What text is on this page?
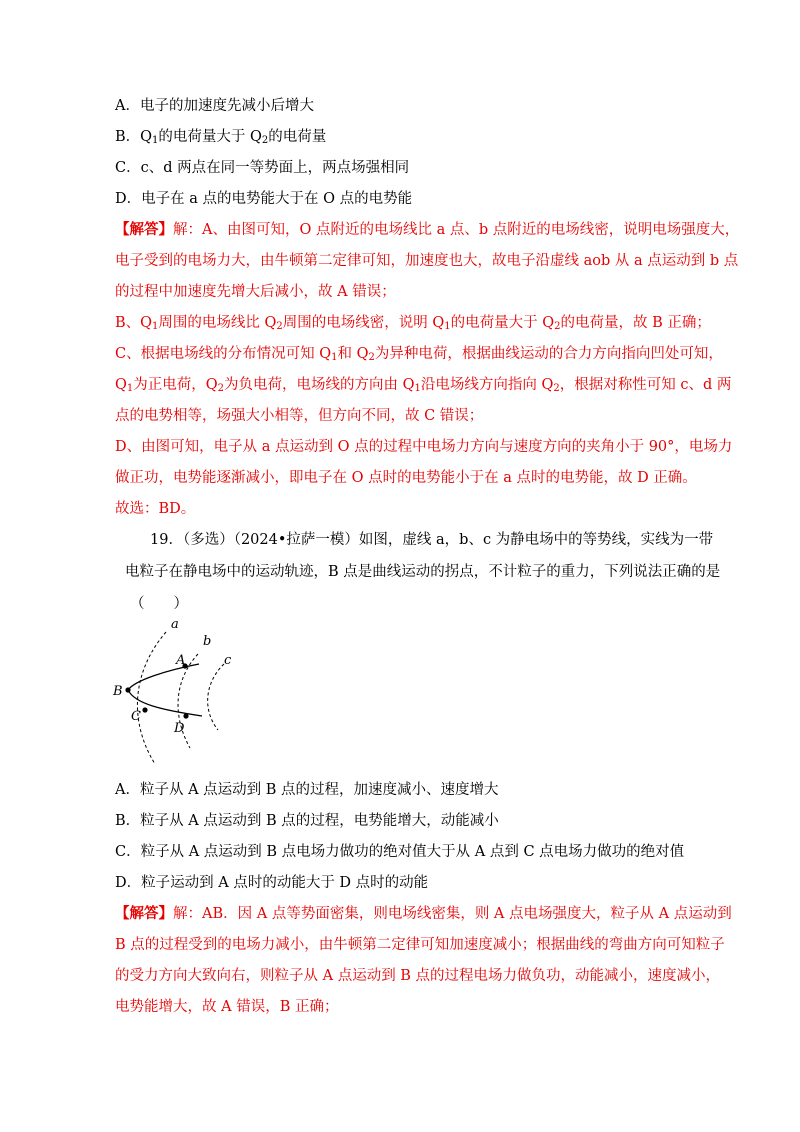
A．电子的加速度先减小后增大
B．$Q_1$的电荷量大于 $Q_2$的电荷量
C．c、d 两点在同一等势面上，两点场强相同
D．电子在 a 点的电势能大于在 O 点的电势能
【解答】解：A、由图可知，O 点附近的电场线比 a 点、b 点附近的电场线密，说明电场强度大，
电子受到的电场力大，由牛顿第二定律可知，加速度也大，故电子沿虚线 aob 从 a 点运动到 b 点
的过程中加速度先增大后减小，故 A 错误；
B、$Q_1$周围的电场线比 $Q_2$周围的电场线密，说明 $Q_1$的电荷量大于 $Q_2$的电荷量，故 B 正确；
C、根据电场线的分布情况可知 $Q_1$和 $Q_2$为异种电荷，根据曲线运动的合力方向指向凹处可知，
$Q_1$为正电荷，$Q_2$为负电荷，电场线的方向由 $Q_1$沿电场线方向指向 $Q_2$，根据对称性可知 c、d 两
点的电势相等，场强大小相等，但方向不同，故 C 错误；
D、由图可知，电子从 a 点运动到 O 点的过程中电场力方向与速度方向的夹角小于 90°，电场力
做正功，电势能逐渐减小，即电子在 O 点时的电势能小于在 a 点时的电势能，故 D 正确。
故选：BD。
19．（多选）（2024•拉萨一模）如图，虚线 a，b、c 为静电场中的等势线，实线为一带
电粒子在静电场中的运动轨迹，B 点是曲线运动的拐点，不计粒子的重力，下列说法正确的是
（　　）
a
b
c
A
B
C
D
A．粒子从 A 点运动到 B 点的过程，加速度减小、速度增大
B．粒子从 A 点运动到 B 点的过程，电势能增大，动能减小
C．粒子从 A 点运动到 B 点电场力做功的绝对值大于从 A 点到 C 点电场力做功的绝对值
D．粒子运动到 A 点时的动能大于 D 点时的动能
【解答】解：AB．因 A 点等势面密集，则电场线密集，则 A 点电场强度大，粒子从 A 点运动到
B 点的过程受到的电场力减小，由牛顿第二定律可知加速度减小；根据曲线的弯曲方向可知粒子
的受力方向大致向右，则粒子从 A 点运动到 B 点的过程电场力做负功，动能减小，速度减小，
电势能增大，故 A 错误，B 正确；
